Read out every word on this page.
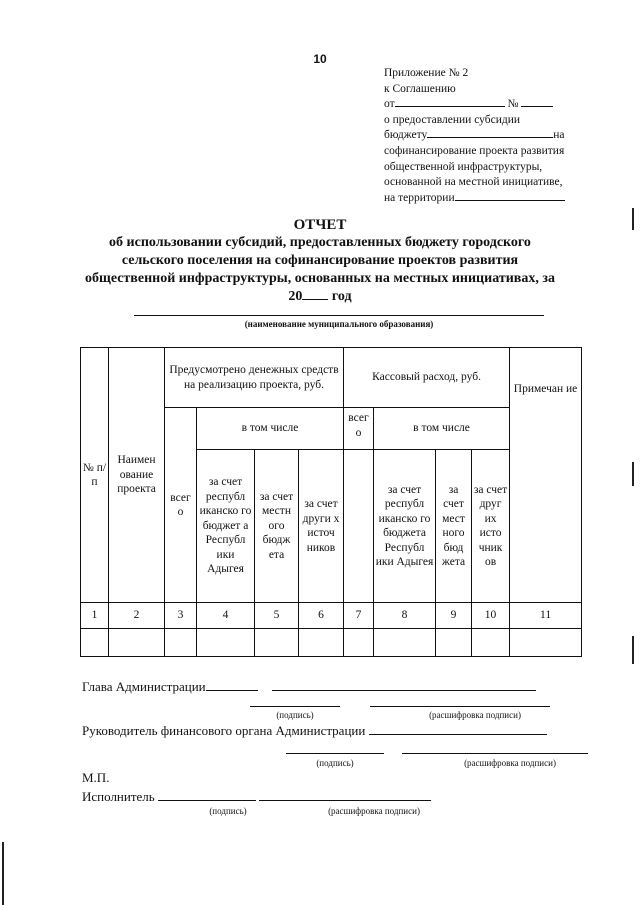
10
Приложение № 2
к Соглашению
от	№
о предоставлении субсидии
бюджету	на
софинансирование проекта развития
общественной инфраструктуры,
основанной на местной инициативе,
на территории
ОТЧЕТ
об использовании субсидий, предоставленных бюджету городского
сельского поселения на софинансирование проектов развития
общественной инфраструктуры, основанных на местных инициативах, за
20 год
(наименование муниципального образования)
№ п/п	Наимен ование проекта	Предусмотрено денежных средств на реализацию проекта, руб.				Кассовый расход, руб.				Примечан ие
		всег о	в том числе			всег о	в том числе			
			за счет республ иканско го бюджет а Республ ики Адыгея	за счет местн ого бюдж ета	за счет други х источ ников		за счет республ иканско го бюджета Республ ики Адыгея	за счет мест ного бюд жета	за счет друг их исто чник ов	
1	2	3	4	5	6	7	8	9	10	11

Глава Администрации
(подпись)	(расшифровка подписи)
Руководитель финансового органа Администрации
(подпись)	(расшифровка подписи)
М.П.
Исполнитель
(подпись)	(расшифровка подписи)
